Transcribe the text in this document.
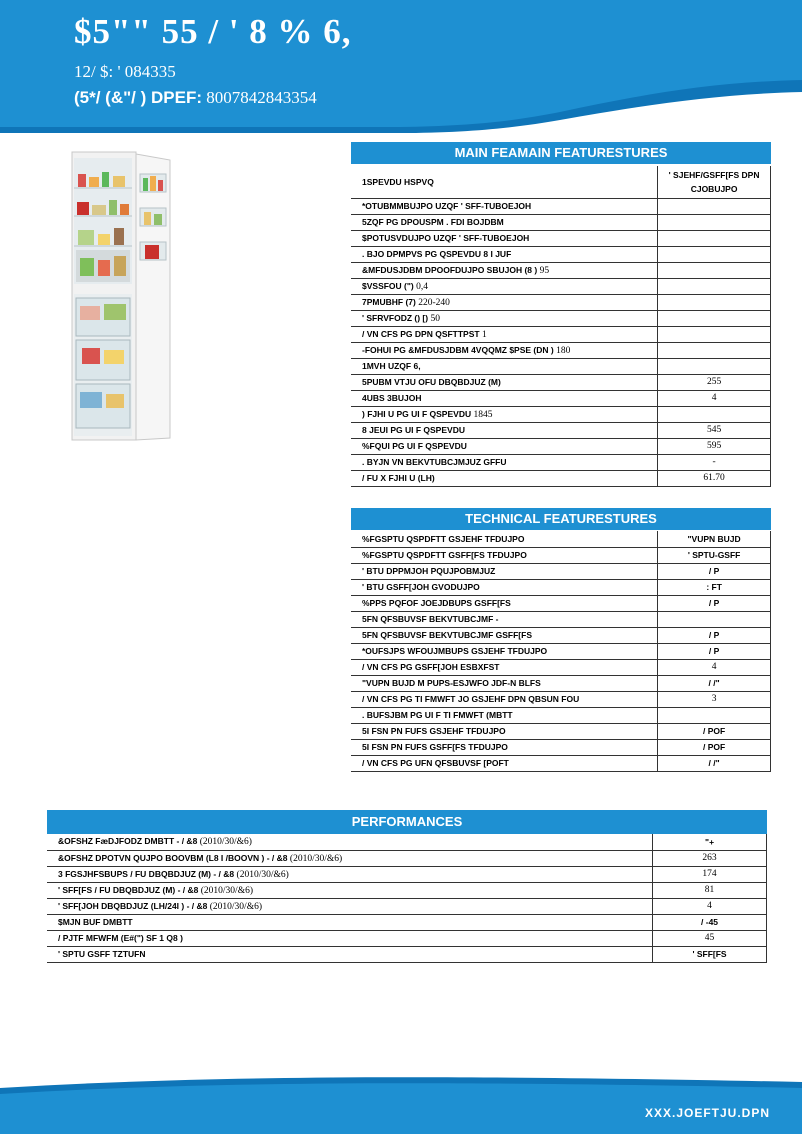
$5"" 55 / ' 8 % 6,
12/ $: ' 084335
(5*/ (&"/ ) DPEF: 8007842843354
MAIN FEAMAIN FEATURESTURES
1SPEVDU HSPVQ	' SJEHF/GSFF[FS DPN CJOBUJPO
*OTUBMMBUJPO UZQF ' SFF-TUBOEJOH	
5ZQF PG DPOUSPM . FDI BOJDBM	
$POTUSVDUJPO UZQF ' SFF-TUBOEJOH	
. BJO DPMPVS PG QSPEVDU 8 I JUF	
&MFDUSJDBM DPOOFDUJPO SBUJOH (8 ) 95	
$VSSFOU (") 0,4	
7PMUBHF (7) 220-240	
' SFRVFODZ () [) 50	
/ VN CFS PG DPN QSFTTPST 1	
-FOHUI PG &MFDUSJDBM 4VQQMZ $PSE (DN ) 180	
1MVH UZQF 6,	
5PUBM VTJU OFU DBQBDJUZ (M)	255
4UBS 3BUJOH	4
) FJHI U PG UI F QSPEVDU 1845	
8 JEUI PG UI F QSPEVDU	545
%FQUI PG UI F QSPEVDU	595
. BYJN VN BEKVTUBCJMJUZ GFFU	-
/ FU X FJHI U (LH)	61.70
TECHNICAL FEATURESTURES
%FGSPTU QSPDFTT GSJEHF TFDUJPO	"VUPN BUJD
%FGSPTU QSPDFTT GSFF[FS TFDUJPO	' SPTU-GSFF
' BTU DPPMJOH PQUJPOBMJUZ	/ P
' BTU GSFF[JOH GVODUJPO	: FT
%PPS PQFOF JOEJDBUPS GSFF[FS	/ P
5FN QFSBUVSF BEKVTUBCJMF -	
5FN QFSBUVSF BEKVTUBCJMF GSFF[FS	/ P
*OUFSJPS WFOUJMBUPS GSJEHF TFDUJPO	/ P
/ VN CFS PG GSFF[JOH ESBXFST	4
"VUPN BUJD M PUPS-ESJWFO JDF-N BLFS	/ /"
/ VN CFS PG TI FMWFT JO GSJEHF DPN QBSUN FOU	3
. BUFSJBM PG UI F TI FMWFT (MBTT	
5I FSN PN FUFS GSJEHF TFDUJPO	/ POF
5I FSN PN FUFS GSFF[FS TFDUJPO	/ POF
/ VN CFS PG UFN QFSBUVSF [POFT	/ /"
PERFORMANCES
&OFSHZ FæDJFODZ DMBTT - / &8 (2010/30/&6)	"+
&OFSHZ DPOTVN QUJPO BOOVBM (L8 I /BOOVN ) - / &8 (2010/30/&6)	263
3 FGSJHFSBUPS / FU DBQBDJUZ (M) - / &8 (2010/30/&6)	174
' SFF[FS / FU DBQBDJUZ (M) - / &8 (2010/30/&6)	81
' SFF[JOH DBQBDJUZ (LH/24I ) - / &8 (2010/30/&6)	4
$MJN BUF DMBTT	/ -45
/ PJTF MFWFM (E#(") SF 1 Q8 )	45
' SPTU GSFF TZTUFN	' SFF[FS
XXX.JOEFTJU.DPN
